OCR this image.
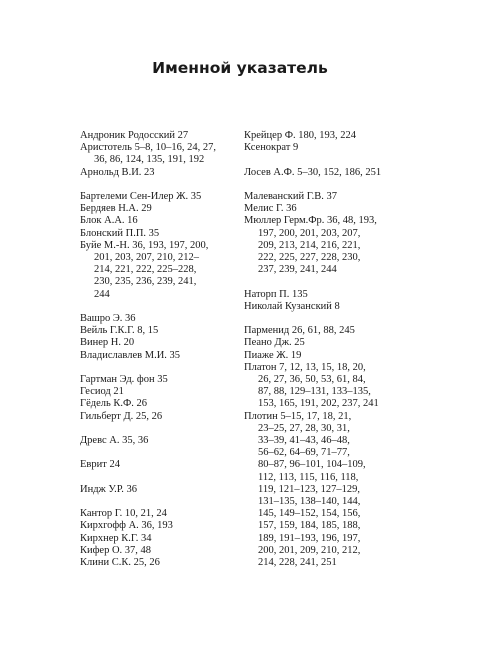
Именной указатель
Андроник Родосский 27
Аристотель 5–8, 10–16, 24, 27,
36, 86, 124, 135, 191, 192
Арнольд В.И. 23
Бартелеми Сен-Илер Ж. 35
Бердяев Н.А. 29
Блок А.А. 16
Блонский П.П. 35
Буйе М.-Н. 36, 193, 197, 200,
201, 203, 207, 210, 212–
214, 221, 222, 225–228,
230, 235, 236, 239, 241,
244
Вашро Э. 36
Вейль Г.К.Г. 8, 15
Винер Н. 20
Владиславлев М.И. 35
Гартман Эд. фон 35
Гесиод 21
Гёдель К.Ф. 26
Гильберт Д. 25, 26
Древс А. 35, 36
Еврит 24
Индж У.Р. 36
Кантор Г. 10, 21, 24
Кирхгофф А. 36, 193
Кирхнер К.Г. 34
Кифер О. 37, 48
Клини С.К. 25, 26
Крейцер Ф. 180, 193, 224
Ксенократ 9
Лосев А.Ф. 5–30, 152, 186, 251
Малеванский Г.В. 37
Мелис Г. 36
Мюллер Герм.Фр. 36, 48, 193,
197, 200, 201, 203, 207,
209, 213, 214, 216, 221,
222, 225, 227, 228, 230,
237, 239, 241, 244
Наторп П. 135
Николай Кузанский 8
Парменид 26, 61, 88, 245
Пеано Дж. 25
Пиаже Ж. 19
Платон 7, 12, 13, 15, 18, 20,
26, 27, 36, 50, 53, 61, 84,
87, 88, 129–131, 133–135,
153, 165, 191, 202, 237, 241
Плотин 5–15, 17, 18, 21,
23–25, 27, 28, 30, 31,
33–39, 41–43, 46–48,
56–62, 64–69, 71–77,
80–87, 96–101, 104–109,
112, 113, 115, 116, 118,
119, 121–123, 127–129,
131–135, 138–140, 144,
145, 149–152, 154, 156,
157, 159, 184, 185, 188,
189, 191–193, 196, 197,
200, 201, 209, 210, 212,
214, 228, 241, 251
